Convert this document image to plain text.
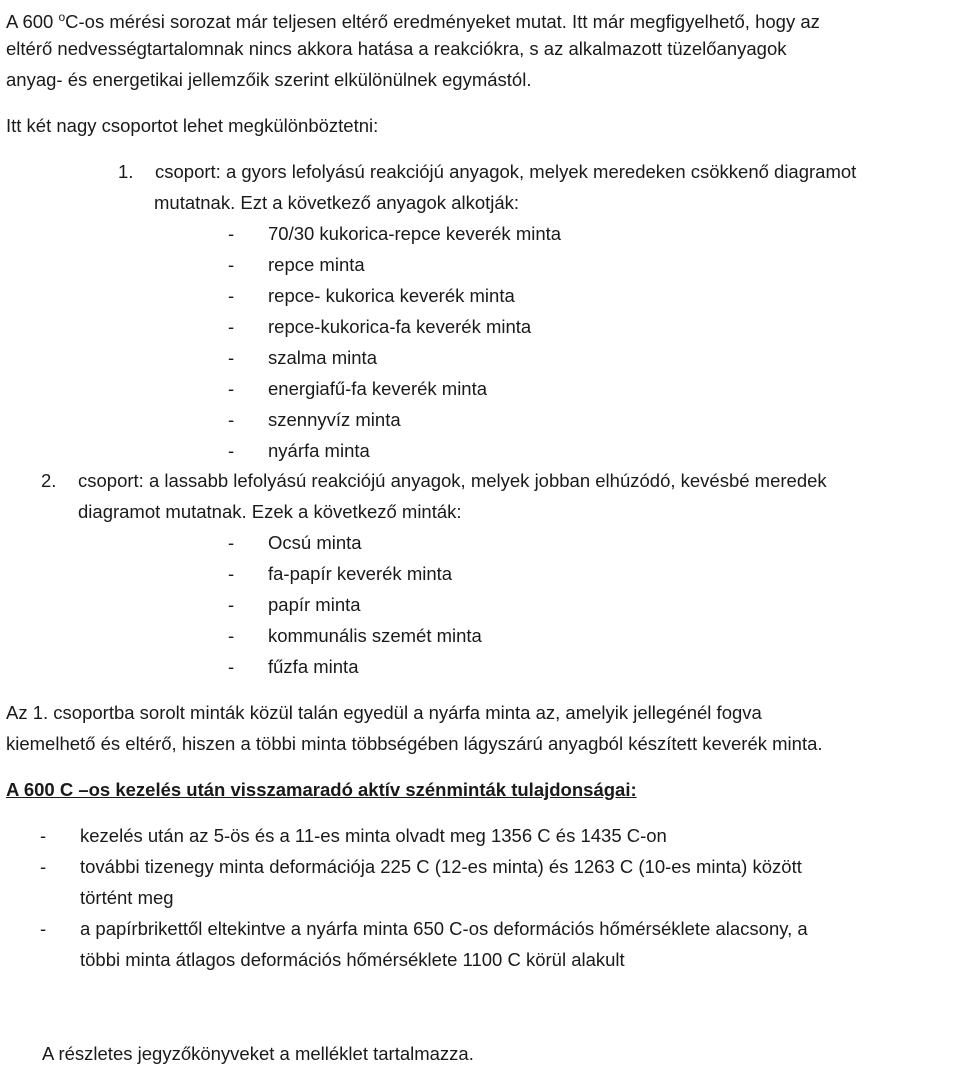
A 600 $^o$C-os mérési sorozat már teljesen eltérő eredményeket mutat. Itt már megfigyelhető, hogy az
eltérő nedvességtartalomnak nincs akkora hatása a reakciókra, s az alkalmazott tüzelőanyagok
anyag- és energetikai jellemzőik szerint elkülönülnek egymástól.
Itt két nagy csoportot lehet megkülönböztetni:
1. csoport: a gyors lefolyású reakciójú anyagok, melyek meredeken csökkenő diagramot
mutatnak. Ezt a következő anyagok alkotják:
- 70/30 kukorica-repce keverék minta
- repce minta
- repce- kukorica keverék minta
- repce-kukorica-fa keverék minta
- szalma minta
- energiafű-fa keverék minta
- szennyvíz minta
- nyárfa minta
2. csoport: a lassabb lefolyású reakciójú anyagok, melyek jobban elhúzódó, kevésbé meredek
diagramot mutatnak. Ezek a következő minták:
- Ocsú minta
- fa-papír keverék minta
- papír minta
- kommunális szemét minta
- fűzfa minta
Az 1. csoportba sorolt minták közül talán egyedül a nyárfa minta az, amelyik jellegénél fogva
kiemelhető és eltérő, hiszen a többi minta többségében lágyszárú anyagból készített keverék minta.
A 600 C –os kezelés után visszamaradó aktív szénminták tulajdonságai:
- kezelés után az 5-ös és a 11-es minta olvadt meg 1356 C és 1435 C-on
- további tizenegy minta deformációja 225 C (12-es minta) és 1263 C (10-es minta) között
történt meg
- a papírbrikettől eltekintve a nyárfa minta 650 C-os deformációs hőmérséklete alacsony, a
többi minta átlagos deformációs hőmérséklete 1100 C körül alakult
A részletes jegyzőkönyveket a melléklet tartalmazza.
